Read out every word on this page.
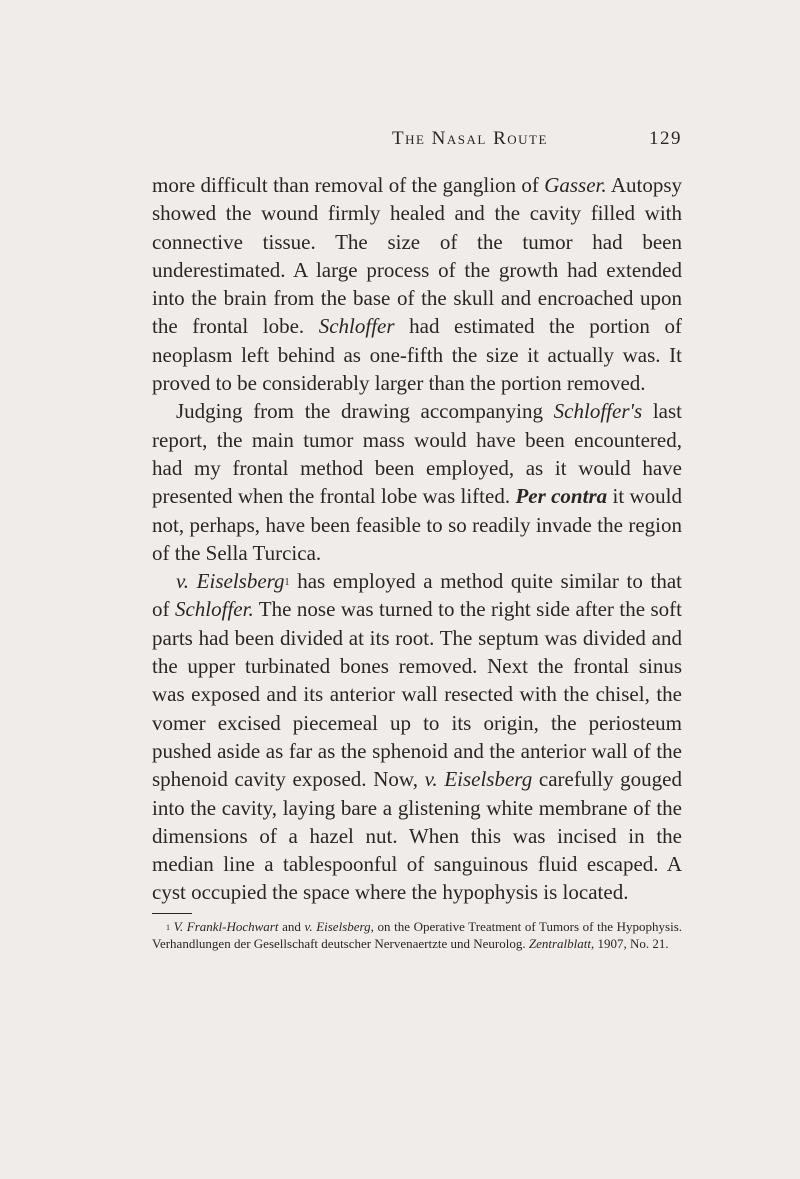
The Nasal Route	129

more difficult than removal of the ganglion of Gasser. Autopsy showed the wound firmly healed and the cavity filled with connective tissue. The size of the tumor had been underestimated. A large process of the growth had extended into the brain from the base of the skull and encroached upon the frontal lobe. Schloffer had estimated the portion of neoplasm left behind as one-fifth the size it actually was. It proved to be considerably larger than the portion removed.

Judging from the drawing accompanying Schloffer's last report, the main tumor mass would have been encountered, had my frontal method been employed, as it would have presented when the frontal lobe was lifted. Per contra it would not, perhaps, have been feasible to so readily invade the region of the Sella Turcica.

v. Eiselsberg$^1$ has employed a method quite similar to that of Schloffer. The nose was turned to the right side after the soft parts had been divided at its root. The septum was divided and the upper turbinated bones removed. Next the frontal sinus was exposed and its anterior wall resected with the chisel, the vomer excised piecemeal up to its origin, the periosteum pushed aside as far as the sphenoid and the anterior wall of the sphenoid cavity exposed. Now, v. Eiselsberg carefully gouged into the cavity, laying bare a glistening white membrane of the dimensions of a hazel nut. When this was incised in the median line a tablespoonful of sanguinous fluid escaped. A cyst occupied the space where the hypophysis is located.

$^1$ V. Frankl-Hochwart and v. Eiselsberg, on the Operative Treatment of Tumors of the Hypophysis. Verhandlungen der Gesellschaft deutscher Nervenaertzte und Neurolog. Zentralblatt, 1907, No. 21.
